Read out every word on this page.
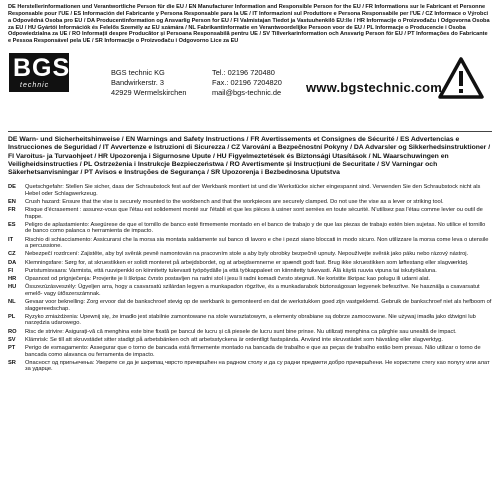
DE Herstellerinformationen und Verantwortliche Person für die EU / EN Manufacturer Information and Responsible Person for the EU / FR Informations sur le Fabricant et Personne Responsable pour l'UE / ES Información del Fabricante y Persona Responsable para la UE / IT Informazioni sul Produttore e Persona Responsabile per l'UE / CZ Informace o Výrobci a Odpovědná Osoba pro EU / DA Producentinformation og Ansvarlig Person for EU / FI Valmistajan Tiedot ja Vastuuhenkilö EU:lle / HR Informacije o Proizvođaču i Odgovorna Osoba za EU / HU Gyártói Információk és Felelős Személy az EU számára / NL Fabrikantinformatie en Verantwoordelijke Persoon voor de EU / PL Informacje o Producencie i Osoba Odpowiedzialna za UE / RO Informații despre Producător și Persoana Responsabilă pentru UE / SV Tillverkarinformation och Ansvarig Person för EU / PT Informações do Fabricante e Pessoa Responsável pela UE / SR Informacije o Proizvođaču i Odgovorno Lice za EU
BGS
technic
BGS technic KG
Bandwirkerstr. 3
42929 Wermelskirchen
Tel.: 02196 720480
Fax.: 02196 7204820
mail@bgs-technic.de www.bgstechnic.com
DE Warn- und Sicherheitshinweise / EN Warnings and Safety Instructions / FR Avertissements et Consignes de Sécurité / ES Advertencias e Instrucciones de Seguridad / IT Avvertenze e Istruzioni di Sicurezza / CZ Varování a Bezpečnostní Pokyny / DA Advarsler og Sikkerhedsinstruktioner / FI Varoitus- ja Turvaohjeet / HR Upozorenja i Sigurnosne Upute / HU Figyelmeztetések és Biztonsági Utasítások / NL Waarschuwingen en Veiligheidsinstructies / PL Ostrzeżenia i Instrukcje Bezpieczeństwa / RO Avertismente și Instrucțiuni de Securitate / SV Varningar och Säkerhetsanvisningar / PT Avisos e Instruções de Segurança / SR Upozorenja i Bezbednosna Uputstva
DE	Quetschgefahr: Stellen Sie sicher, dass der Schraubstock fest auf der Werkbank montiert ist und die Werkstücke sicher eingespannt sind. Verwenden Sie den Schraubstock nicht als Hebel oder Schlagwerkzeug.
EN	Crush hazard: Ensure that the vise is securely mounted to the workbench and that the workpieces are securely clamped. Do not use the vise as a lever or striking tool.
FR	Risque d'écrasement : assurez-vous que l'étau est solidement monté sur l'établi et que les pièces à usiner sont serrées en toute sécurité. N'utilisez pas l'étau comme levier ou outil de frappe.
ES	Peligro de aplastamiento: Asegúrese de que el tornillo de banco esté firmemente montado en el banco de trabajo y de que las piezas de trabajo estén bien sujetas. No utilice el tornillo de banco como palanca o herramienta de impacto.
IT	Rischio di schiacciamento: Assicurarsi che la morsa sia montata saldamente sul banco di lavoro e che i pezzi siano bloccati in modo sicuro. Non utilizzare la morsa come leva o utensile a percussione.
CZ	Nebezpečí rozdrcení: Zajistěte, aby byl svěrák pevně namontován na pracovním stole a aby byly obrobky bezpečně upnuty. Nepoužívejte svěrák jako páku nebo rázový nástroj.
DA	Klemningsfare: Sørg for, at skruestikken er solidt monteret på arbejdsbordet, og at arbejdsemnerne er spændt godt fast. Brug ikke skruestikken som løftestang eller slagværktøj.
FI	Puristumisvaara: Varmista, että ruuvipenkki on kiinnitetty tukevasti työpöydälle ja että työkappaleet on kiinnitetty tukevasti. Älä käytä ruuvia vipuna tai iskutyökaluna.
HR	Opasnost od prignječenja: Provjerite je li škripac čvrsto postavljen na radni stol i jesu li radni komadi čvrsto stegnuti. Ne koristite škripac kao polugu ili udarni alat.
HU	Összezúzásveszély: Ügyeljen arra, hogy a csavarsatú szilárdan legyen a munkapadon rögzítve, és a munkadarabok biztonságosan legyenek befeszítve. Ne használja a csavarsatut emelő- vagy ütőszerszámnak.
NL	Gevaar voor beknelling: Zorg ervoor dat de bankschroef stevig op de werkbank is gemonteerd en dat de werkstukken goed zijn vastgeklemd. Gebruik de bankschroef niet als hefboom of slaggereedschap.
PL	Ryzyko zmiażdżenia: Upewnij się, że imadło jest stabilnie zamontowane na stole warsztatowym, a elementy obrabiane są dobrze zamocowane. Nie używaj imadła jako dźwigni lub narzędzia udarowego.
RO	Risc de strivire: Asigurați-vă că menghina este bine fixată pe bancul de lucru și că piesele de lucru sunt bine prinse. Nu utilizați menghina ca pârghie sau unealtă de impact.
SV	Klämrisk: Se till att skruvstädet sitter stadigt på arbetsbänken och att arbetsstyckena är ordentligt fastspända. Använd inte skruvstädet som hävstång eller slagverktyg.
PT	Perigo de esmagamento: Assegurar que o torno de bancada está firmemente montado na bancada de trabalho e que as peças de trabalho estão bem presas. Não utilizar o torno de bancada como alavanca ou ferramenta de impacto.
SR	Опасност од пригњечења: Уверите се да је шкрипац чврсто причвршћен на радном столу и да су радни предмети добро причвршћени. Не користите стегу као полугу или алат за ударце.
